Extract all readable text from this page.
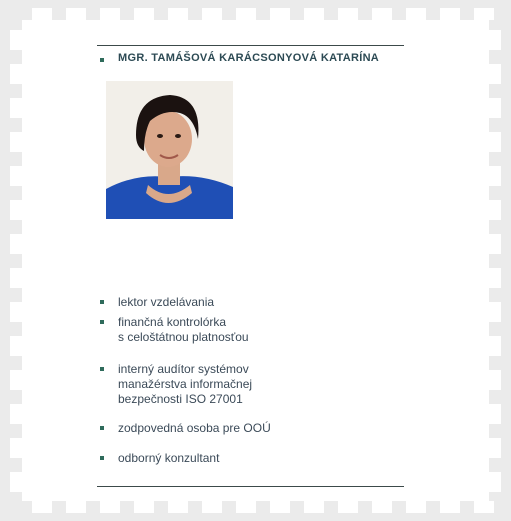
MGR. TAMÁŠOVÁ KARÁCSONYOVÁ KATARÍNA
lektor vzdelávania
finančná kontrolórka
s celoštátnou platnosťou
interný audítor systémov
manažérstva informačnej
bezpečnosti ISO 27001
zodpovedná osoba pre OOÚ
odborný konzultant
